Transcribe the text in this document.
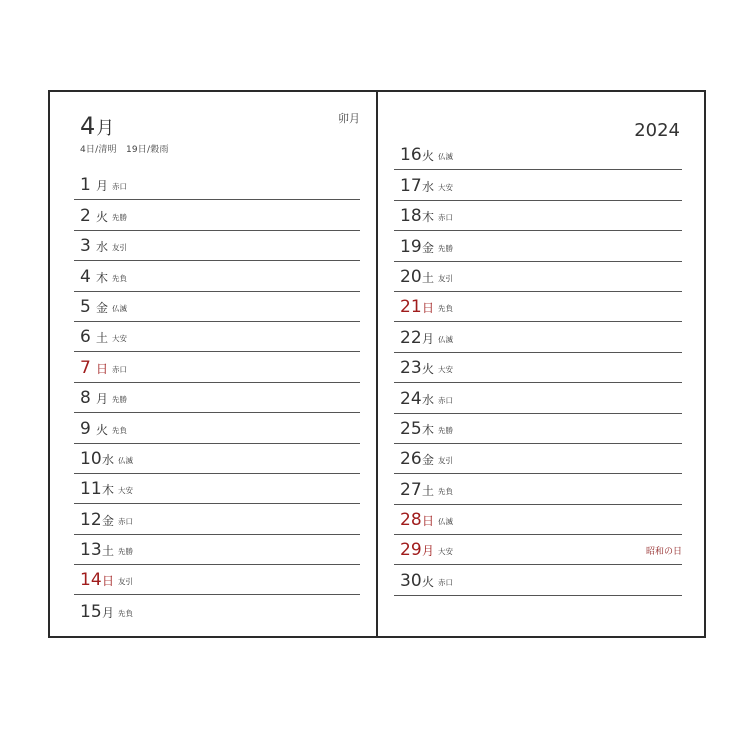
4月
4日/清明　19日/穀雨
卯月
1 月 赤口
2 火 先勝
3 水 友引
4 木 先負
5 金 仏滅
6 土 大安
7 日 赤口
8 月 先勝
9 火 先負
10 水 仏滅
11 木 大安
12 金 赤口
13 土 先勝
14 日 友引
15 月 先負
2024
16 火 仏滅
17 水 大安
18 木 赤口
19 金 先勝
20 土 友引
21 日 先負
22 月 仏滅
23 火 大安
24 水 赤口
25 木 先勝
26 金 友引
27 土 先負
28 日 仏滅
29 月 大安	昭和の日
30 火 赤口
